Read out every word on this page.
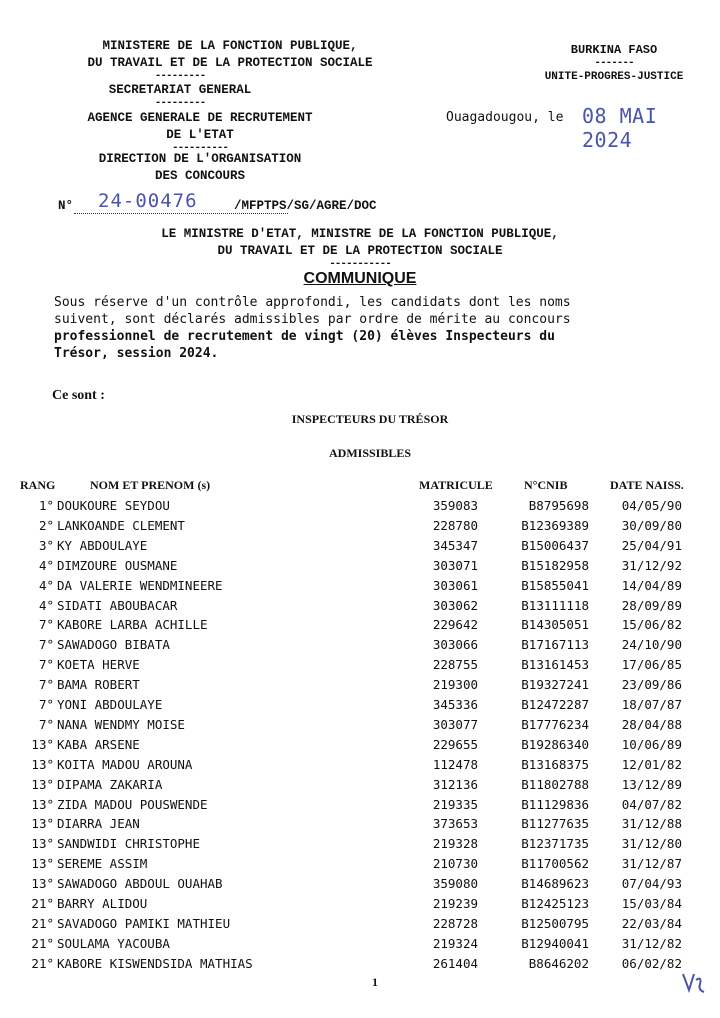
MINISTERE DE LA FONCTION PUBLIQUE,
DU TRAVAIL ET DE LA PROTECTION SOCIALE
---------
SECRETARIAT GENERAL
---------
AGENCE GENERALE DE RECRUTEMENT
DE L'ETAT
----------
DIRECTION DE L'ORGANISATION
DES CONCOURS
N° 24-00476	/MFPTPS/SG/AGRE/DOC
BURKINA FASO
-------
UNITE-PROGRES-JUSTICE
Ouagadougou, le 08 MAI 2024
LE MINISTRE D'ETAT, MINISTRE DE LA FONCTION PUBLIQUE,
DU TRAVAIL ET DE LA PROTECTION SOCIALE
-----------
COMMUNIQUE
Sous réserve d'un contrôle approfondi, les candidats dont les noms
suivent, sont déclarés admissibles par ordre de mérite au concours
professionnel de recrutement de vingt (20) élèves Inspecteurs du
Trésor, session 2024.
Ce sont :
INSPECTEURS DU TRÉSOR
ADMISSIBLES
RANG	NOM ET PRENOM (s)	MATRICULE	N°CNIB	DATE NAISS.
1° DOUKOURE SEYDOU	359083	B8795698	04/05/90
2° LANKOANDE CLEMENT	228780	B12369389	30/09/80
3° KY ABDOULAYE	345347	B15006437	25/04/91
4° DIMZOURE OUSMANE	303071	B15182958	31/12/92
4° DA VALERIE WENDMINEERE	303061	B15855041	14/04/89
4° SIDATI ABOUBACAR	303062	B13111118	28/09/89
7° KABORE LARBA ACHILLE	229642	B14305051	15/06/82
7° SAWADOGO BIBATA	303066	B17167113	24/10/90
7° KOETA HERVE	228755	B13161453	17/06/85
7° BAMA ROBERT	219300	B19327241	23/09/86
7° YONI ABDOULAYE	345336	B12472287	18/07/87
7° NANA WENDMY MOISE	303077	B17776234	28/04/88
13° KABA ARSENE	229655	B19286340	10/06/89
13° KOITA MADOU AROUNA	112478	B13168375	12/01/82
13° DIPAMA ZAKARIA	312136	B11802788	13/12/89
13° ZIDA MADOU POUSWENDE	219335	B11129836	04/07/82
13° DIARRA JEAN	373653	B11277635	31/12/88
13° SANDWIDI CHRISTOPHE	219328	B12371735	31/12/80
13° SEREME ASSIM	210730	B11700562	31/12/87
13° SAWADOGO ABDOUL OUAHAB	359080	B14689623	07/04/93
21° BARRY ALIDOU	219239	B12425123	15/03/84
21° SAVADOGO PAMIKI MATHIEU	228728	B12500795	22/03/84
21° SOULAMA YACOUBA	219324	B12940041	31/12/82
21° KABORE KISWENDSIDA MATHIAS	261404	B8646202	06/02/82
1
